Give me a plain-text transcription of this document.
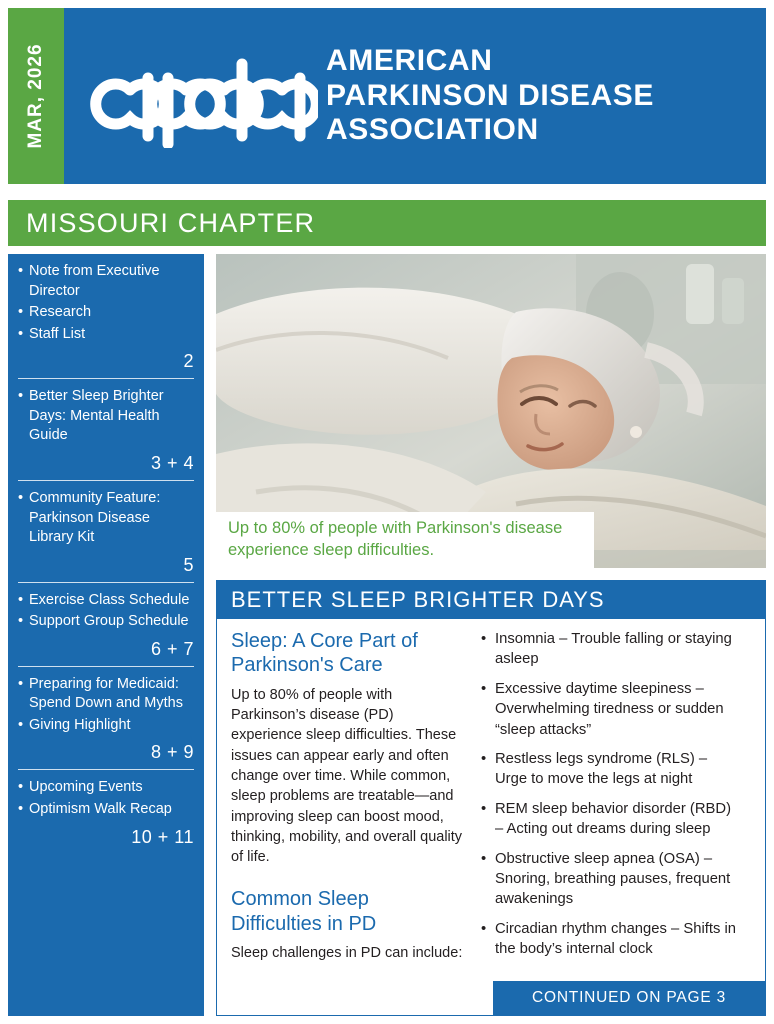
MAR, 2026	AMERICAN
PARKINSON DISEASE
ASSOCIATION
MISSOURI CHAPTER
• Note from Executive Director
• Research
• Staff List
2
• Better Sleep Brighter Days: Mental Health Guide
3 + 4
• Community Feature: Parkinson Disease Library Kit
5
• Exercise Class Schedule
• Support Group Schedule
6 + 7
• Preparing for Medicaid: Spend Down and Myths
• Giving Highlight
8 + 9
• Upcoming Events
• Optimism Walk Recap
10 + 11
Up to 80% of people with Parkinson's disease experience sleep difficulties.
BETTER SLEEP BRIGHTER DAYS
Sleep: A Core Part of Parkinson's Care
Up to 80% of people with Parkinson’s disease (PD) experience sleep difficulties. These issues can appear early and often change over time. While common, sleep problems are treatable—and improving sleep can boost mood, thinking, mobility, and overall quality of life.
Common Sleep Difficulties in PD
Sleep challenges in PD can include:
• Insomnia – Trouble falling or staying asleep
• Excessive daytime sleepiness – Overwhelming tiredness or sudden “sleep attacks”
• Restless legs syndrome (RLS) – Urge to move the legs at night
• REM sleep behavior disorder (RBD) – Acting out dreams during sleep
• Obstructive sleep apnea (OSA) – Snoring, breathing pauses, frequent awakenings
• Circadian rhythm changes – Shifts in the body’s internal clock
CONTINUED ON PAGE 3
